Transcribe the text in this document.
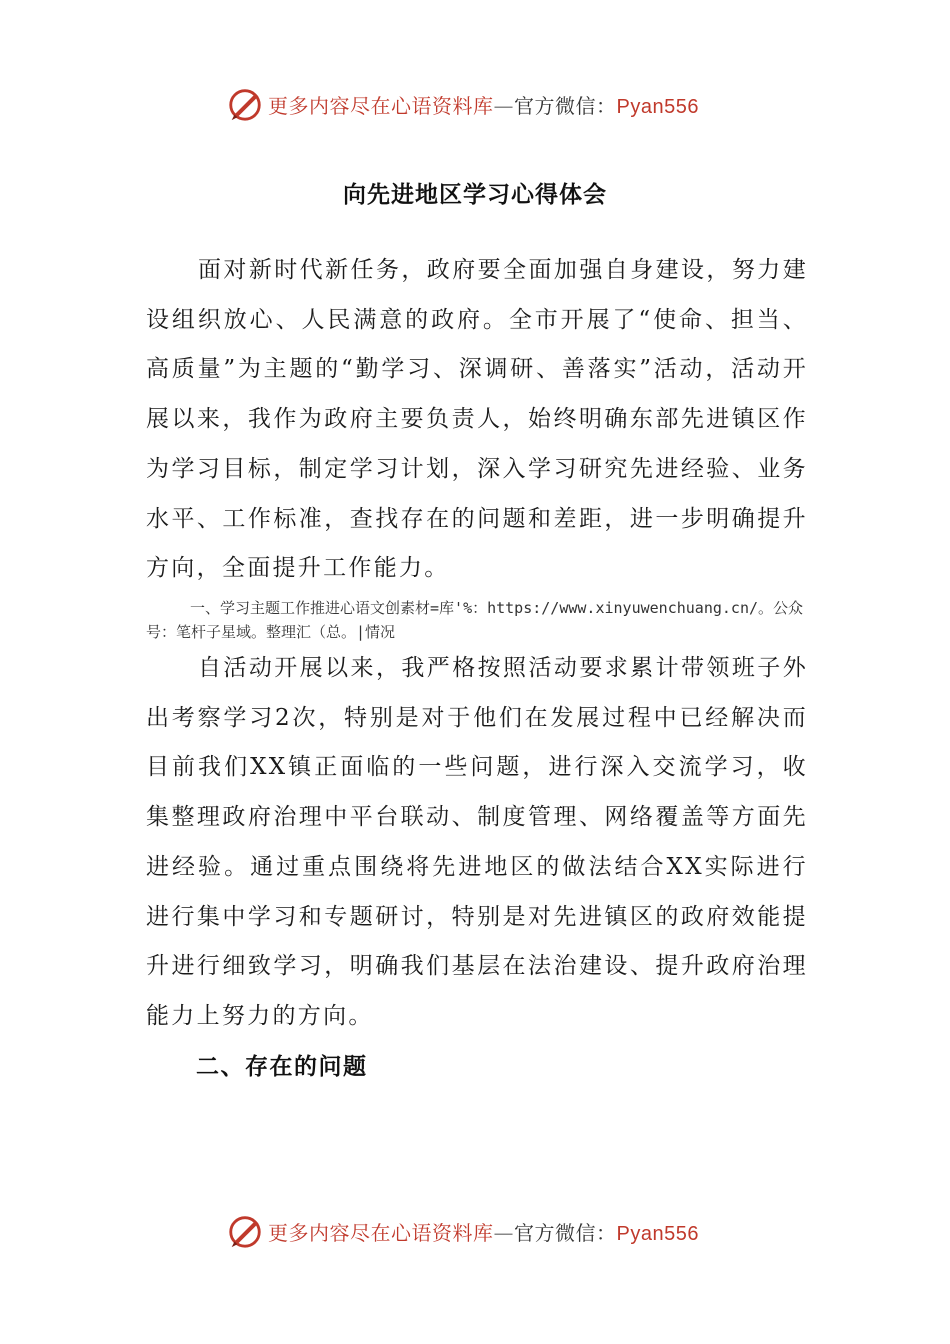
更多内容尽在心语资料库—官方微信：Pyan556
向先进地区学习心得体会

面对新时代新任务，政府要全面加强自身建设，努力建设组织放心、人民满意的政府。全市开展了“使命、担当、高质量”为主题的“勤学习、深调研、善落实”活动，活动开展以来，我作为政府主要负责人，始终明确东部先进镇区作为学习目标，制定学习计划，深入学习研究先进经验、业务水平、工作标准，查找存在的问题和差距，进一步明确提升方向，全面提升工作能力。

一、学习主题工作推进心语文创素材=库'%：https://www.xinyuwenchuang.cn/。公众号：笔杆子星域。整理汇（总。|情况

自活动开展以来，我严格按照活动要求累计带领班子外出考察学习2次，特别是对于他们在发展过程中已经解决而目前我们XX镇正面临的一些问题，进行深入交流学习，收集整理政府治理中平台联动、制度管理、网络覆盖等方面先进经验。通过重点围绕将先进地区的做法结合XX实际进行进行集中学习和专题研讨，特别是对先进镇区的政府效能提升进行细致学习，明确我们基层在法治建设、提升政府治理能力上努力的方向。

二、存在的问题
更多内容尽在心语资料库—官方微信：Pyan556
